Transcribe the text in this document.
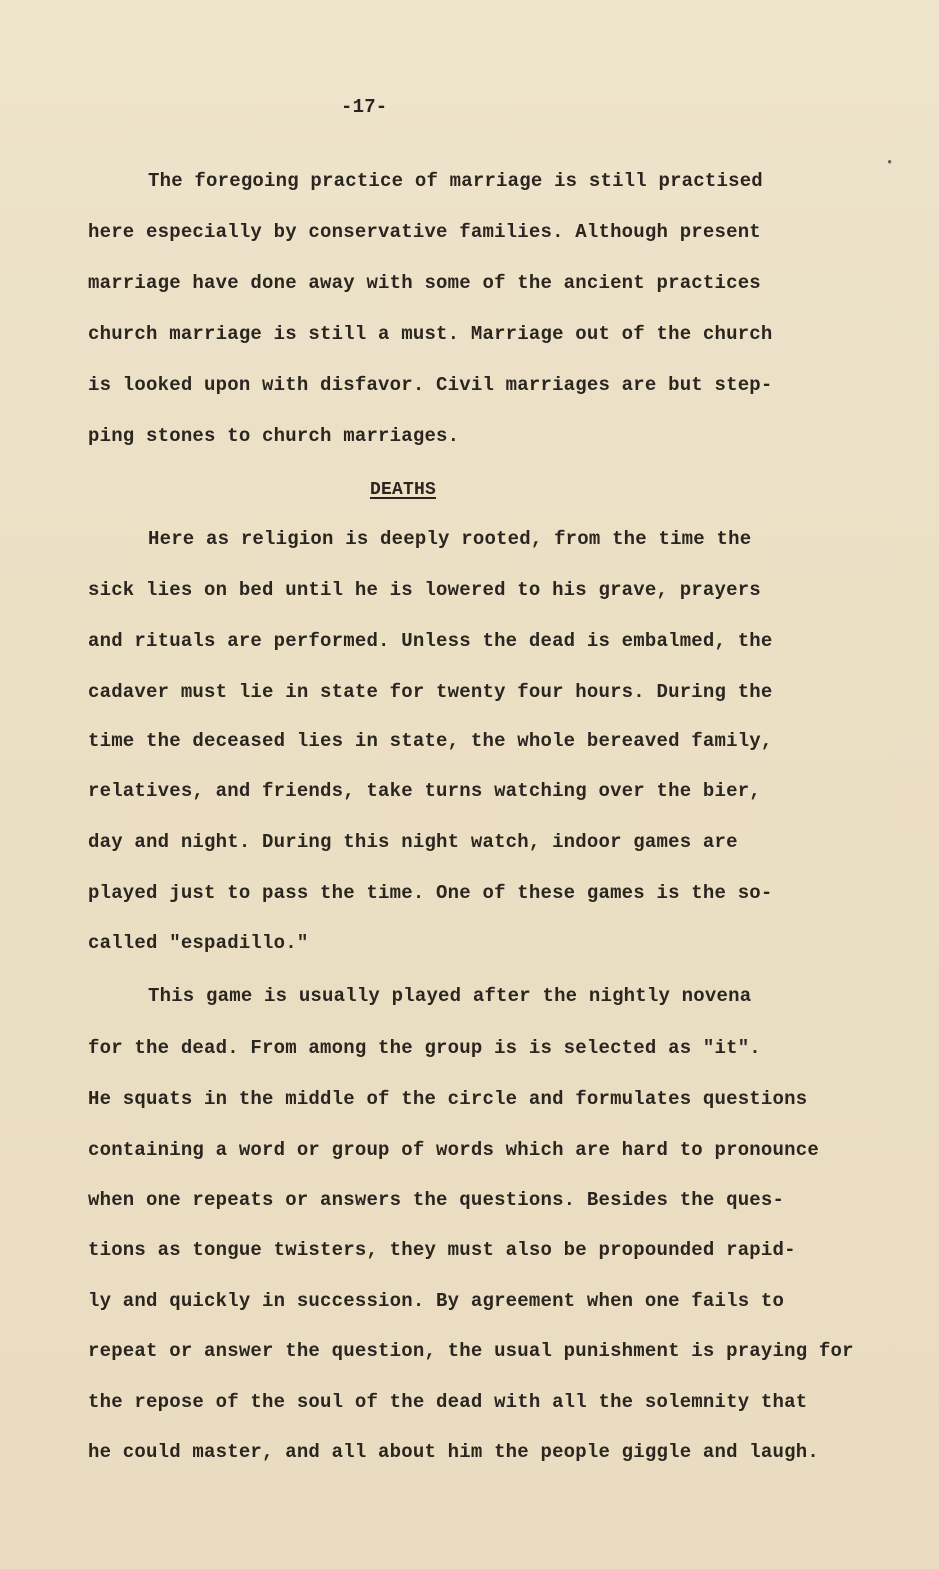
-17-
•
The foregoing practice of marriage is still practised
here especially by conservative families. Although present
marriage have done away with some of the ancient practices
church marriage is still a must. Marriage out of the church
is looked upon with disfavor. Civil marriages are but step-
ping stones to church marriages.
DEATHS
Here as religion is deeply rooted, from the time the
sick lies on bed until he is lowered to his grave, prayers
and rituals are performed. Unless the dead is embalmed, the
cadaver must lie in state for twenty four hours. During the
time the deceased lies in state, the whole bereaved family,
relatives, and friends, take turns watching over the bier,
day and night. During this night watch, indoor games are
played just to pass the time. One of these games is the so-
called "espadillo."
This game is usually played after the nightly novena
for the dead. From among the group is is selected as "it".
He squats in the middle of the circle and formulates questions
containing a word or group of words which are hard to pronounce
when one repeats or answers the questions. Besides the ques-
tions as tongue twisters, they must also be propounded rapid-
ly and quickly in succession. By agreement when one fails to
repeat or answer the question, the usual punishment is praying for
the repose of the soul of the dead with all the solemnity that
he could master, and all about him the people giggle and laugh.
